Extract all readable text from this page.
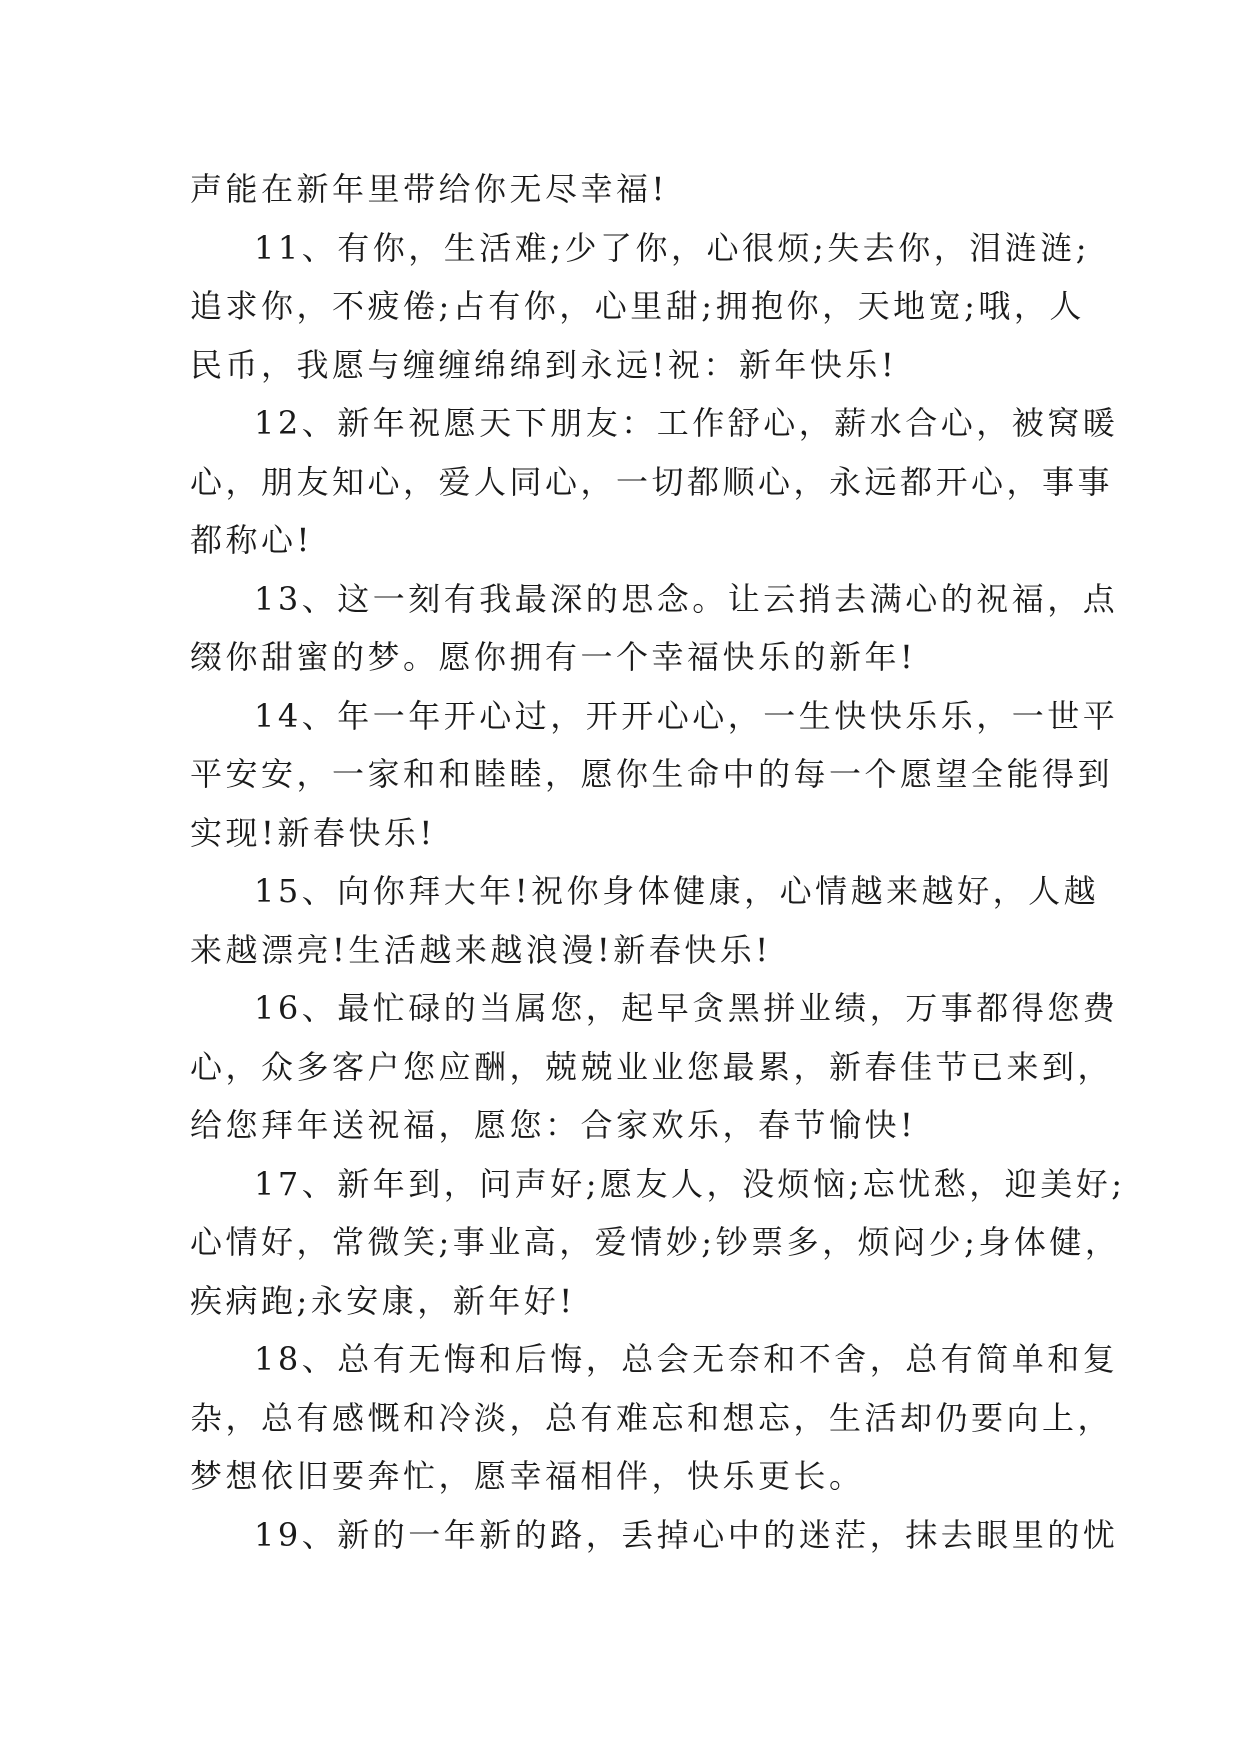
声能在新年里带给你无尽幸福!
11、有你，生活难;少了你，心很烦;失去你，泪涟涟;
追求你，不疲倦;占有你，心里甜;拥抱你，天地宽;哦，人
民币，我愿与缠缠绵绵到永远!祝：新年快乐!
12、新年祝愿天下朋友：工作舒心，薪水合心，被窝暖
心，朋友知心，爱人同心，一切都顺心，永远都开心，事事
都称心!
13、这一刻有我最深的思念。让云捎去满心的祝福，点
缀你甜蜜的梦。愿你拥有一个幸福快乐的新年!
14、年一年开心过，开开心心，一生快快乐乐，一世平
平安安，一家和和睦睦，愿你生命中的每一个愿望全能得到
实现!新春快乐!
15、向你拜大年!祝你身体健康，心情越来越好，人越
来越漂亮!生活越来越浪漫!新春快乐!
16、最忙碌的当属您，起早贪黑拼业绩，万事都得您费
心，众多客户您应酬，兢兢业业您最累，新春佳节已来到，
给您拜年送祝福，愿您：合家欢乐，春节愉快!
17、新年到，问声好;愿友人，没烦恼;忘忧愁，迎美好;
心情好，常微笑;事业高，爱情妙;钞票多，烦闷少;身体健，
疾病跑;永安康，新年好!
18、总有无悔和后悔，总会无奈和不舍，总有简单和复
杂，总有感慨和冷淡，总有难忘和想忘，生活却仍要向上，
梦想依旧要奔忙，愿幸福相伴，快乐更长。
19、新的一年新的路，丢掉心中的迷茫，抹去眼里的忧
